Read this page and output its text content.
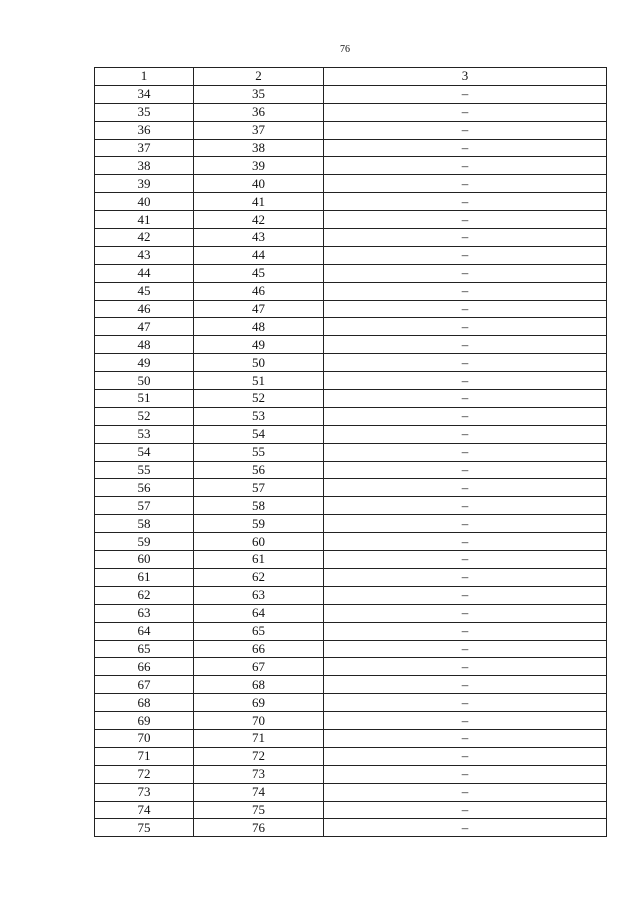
76
1	2	3
34	35	–
35	36	–
36	37	–
37	38	–
38	39	–
39	40	–
40	41	–
41	42	–
42	43	–
43	44	–
44	45	–
45	46	–
46	47	–
47	48	–
48	49	–
49	50	–
50	51	–
51	52	–
52	53	–
53	54	–
54	55	–
55	56	–
56	57	–
57	58	–
58	59	–
59	60	–
60	61	–
61	62	–
62	63	–
63	64	–
64	65	–
65	66	–
66	67	–
67	68	–
68	69	–
69	70	–
70	71	–
71	72	–
72	73	–
73	74	–
74	75	–
75	76	–
